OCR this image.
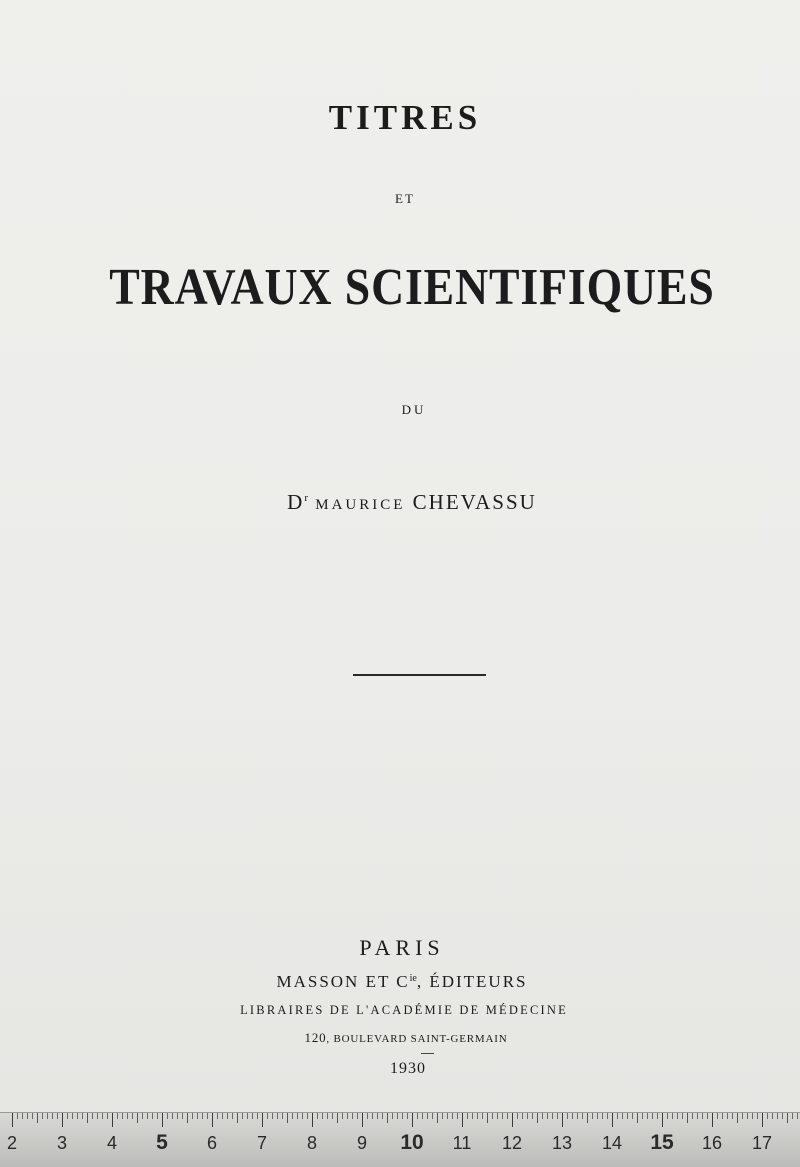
TITRES
ET
TRAVAUX SCIENTIFIQUES
DU
$D^r$ MAURICE CHEVASSU
PARIS
MASSON ET $C^{ie}$, ÉDITEURS
LIBRAIRES DE L'ACADÉMIE DE MÉDECINE
120, BOULEVARD SAINT-GERMAIN
1930
2	3	4	5	6	7	8	9	10	11	12 13 14 15 16 17
